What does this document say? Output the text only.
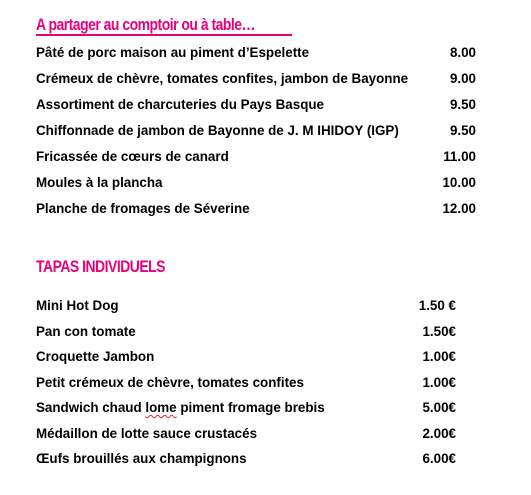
A partager au comptoir ou à table…
Pâté de porc maison au piment d’Espelette	8.00
Crémeux de chèvre, tomates confites, jambon de Bayonne	9.00
Assortiment de charcuteries du Pays Basque	9.50
Chiffonnade de jambon de Bayonne de J. M IHIDOY (IGP)	9.50
Fricassée de cœurs de canard	11.00
Moules à la plancha	10.00
Planche de fromages de Séverine	12.00
TAPAS INDIVIDUELS
Mini Hot Dog	1.50 €
Pan con tomate	1.50€
Croquette Jambon	1.00€
Petit crémeux de chèvre, tomates confites	1.00€
Sandwich chaud lome piment fromage brebis	5.00€
Médaillon de lotte sauce crustacés	2.00€
Œufs brouillés aux champignons	6.00€
